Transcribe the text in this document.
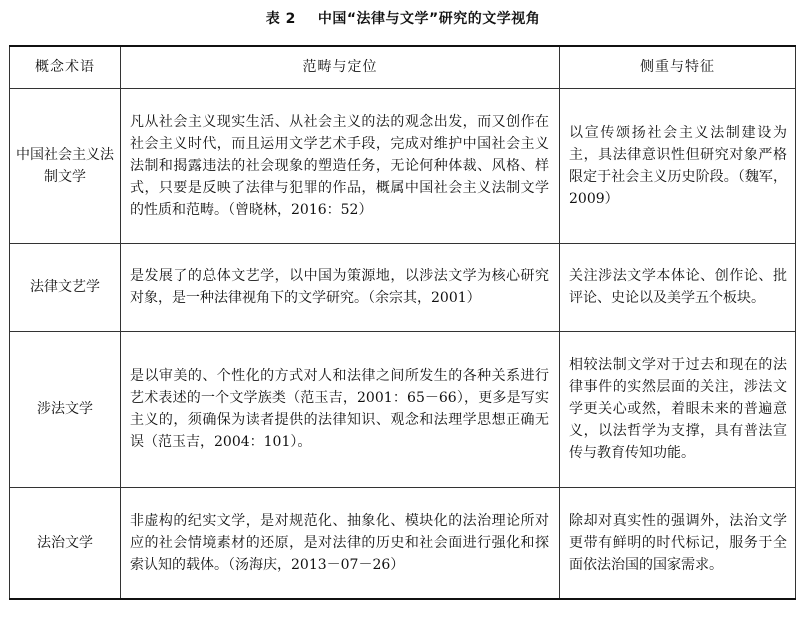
表 2 中国“法律与文学”研究的文学视角
概念术语	范畴与定位	侧重与特征
中国社会主义法制文学	凡从社会主义现实生活、从社会主义的法的观念出发，而又创作在社会主义时代，而且运用文学艺术手段，完成对维护中国社会主义法制和揭露违法的社会现象的塑造任务，无论何种体裁、风格、样式，只要是反映了法律与犯罪的作品，概属中国社会主义法制文学的性质和范畴。（曾晓林，2016：52）	以宣传颂扬社会主义法制建设为主，具法律意识性但研究对象严格限定于社会主义历史阶段。（魏军，2009）
法律文艺学	是发展了的总体文艺学，以中国为策源地，以涉法文学为核心研究对象，是一种法律视角下的文学研究。（余宗其，2001）	关注涉法文学本体论、创作论、批评论、史论以及美学五个板块。
涉法文学	是以审美的、个性化的方式对人和法律之间所发生的各种关系进行艺术表述的一个文学族类（范玉吉，2001：65－66），更多是写实主义的，须确保为读者提供的法律知识、观念和法理学思想正确无误（范玉吉，2004：101）。	相较法制文学对于过去和现在的法律事件的实然层面的关注，涉法文学更关心或然，着眼未来的普遍意义，以法哲学为支撑，具有普法宣传与教育传知功能。
法治文学	非虚构的纪实文学，是对规范化、抽象化、模块化的法治理论所对应的社会情境素材的还原，是对法律的历史和社会面进行强化和探索认知的载体。（汤海庆，2013－07－26）	除却对真实性的强调外，法治文学更带有鲜明的时代标记，服务于全面依法治国的国家需求。
